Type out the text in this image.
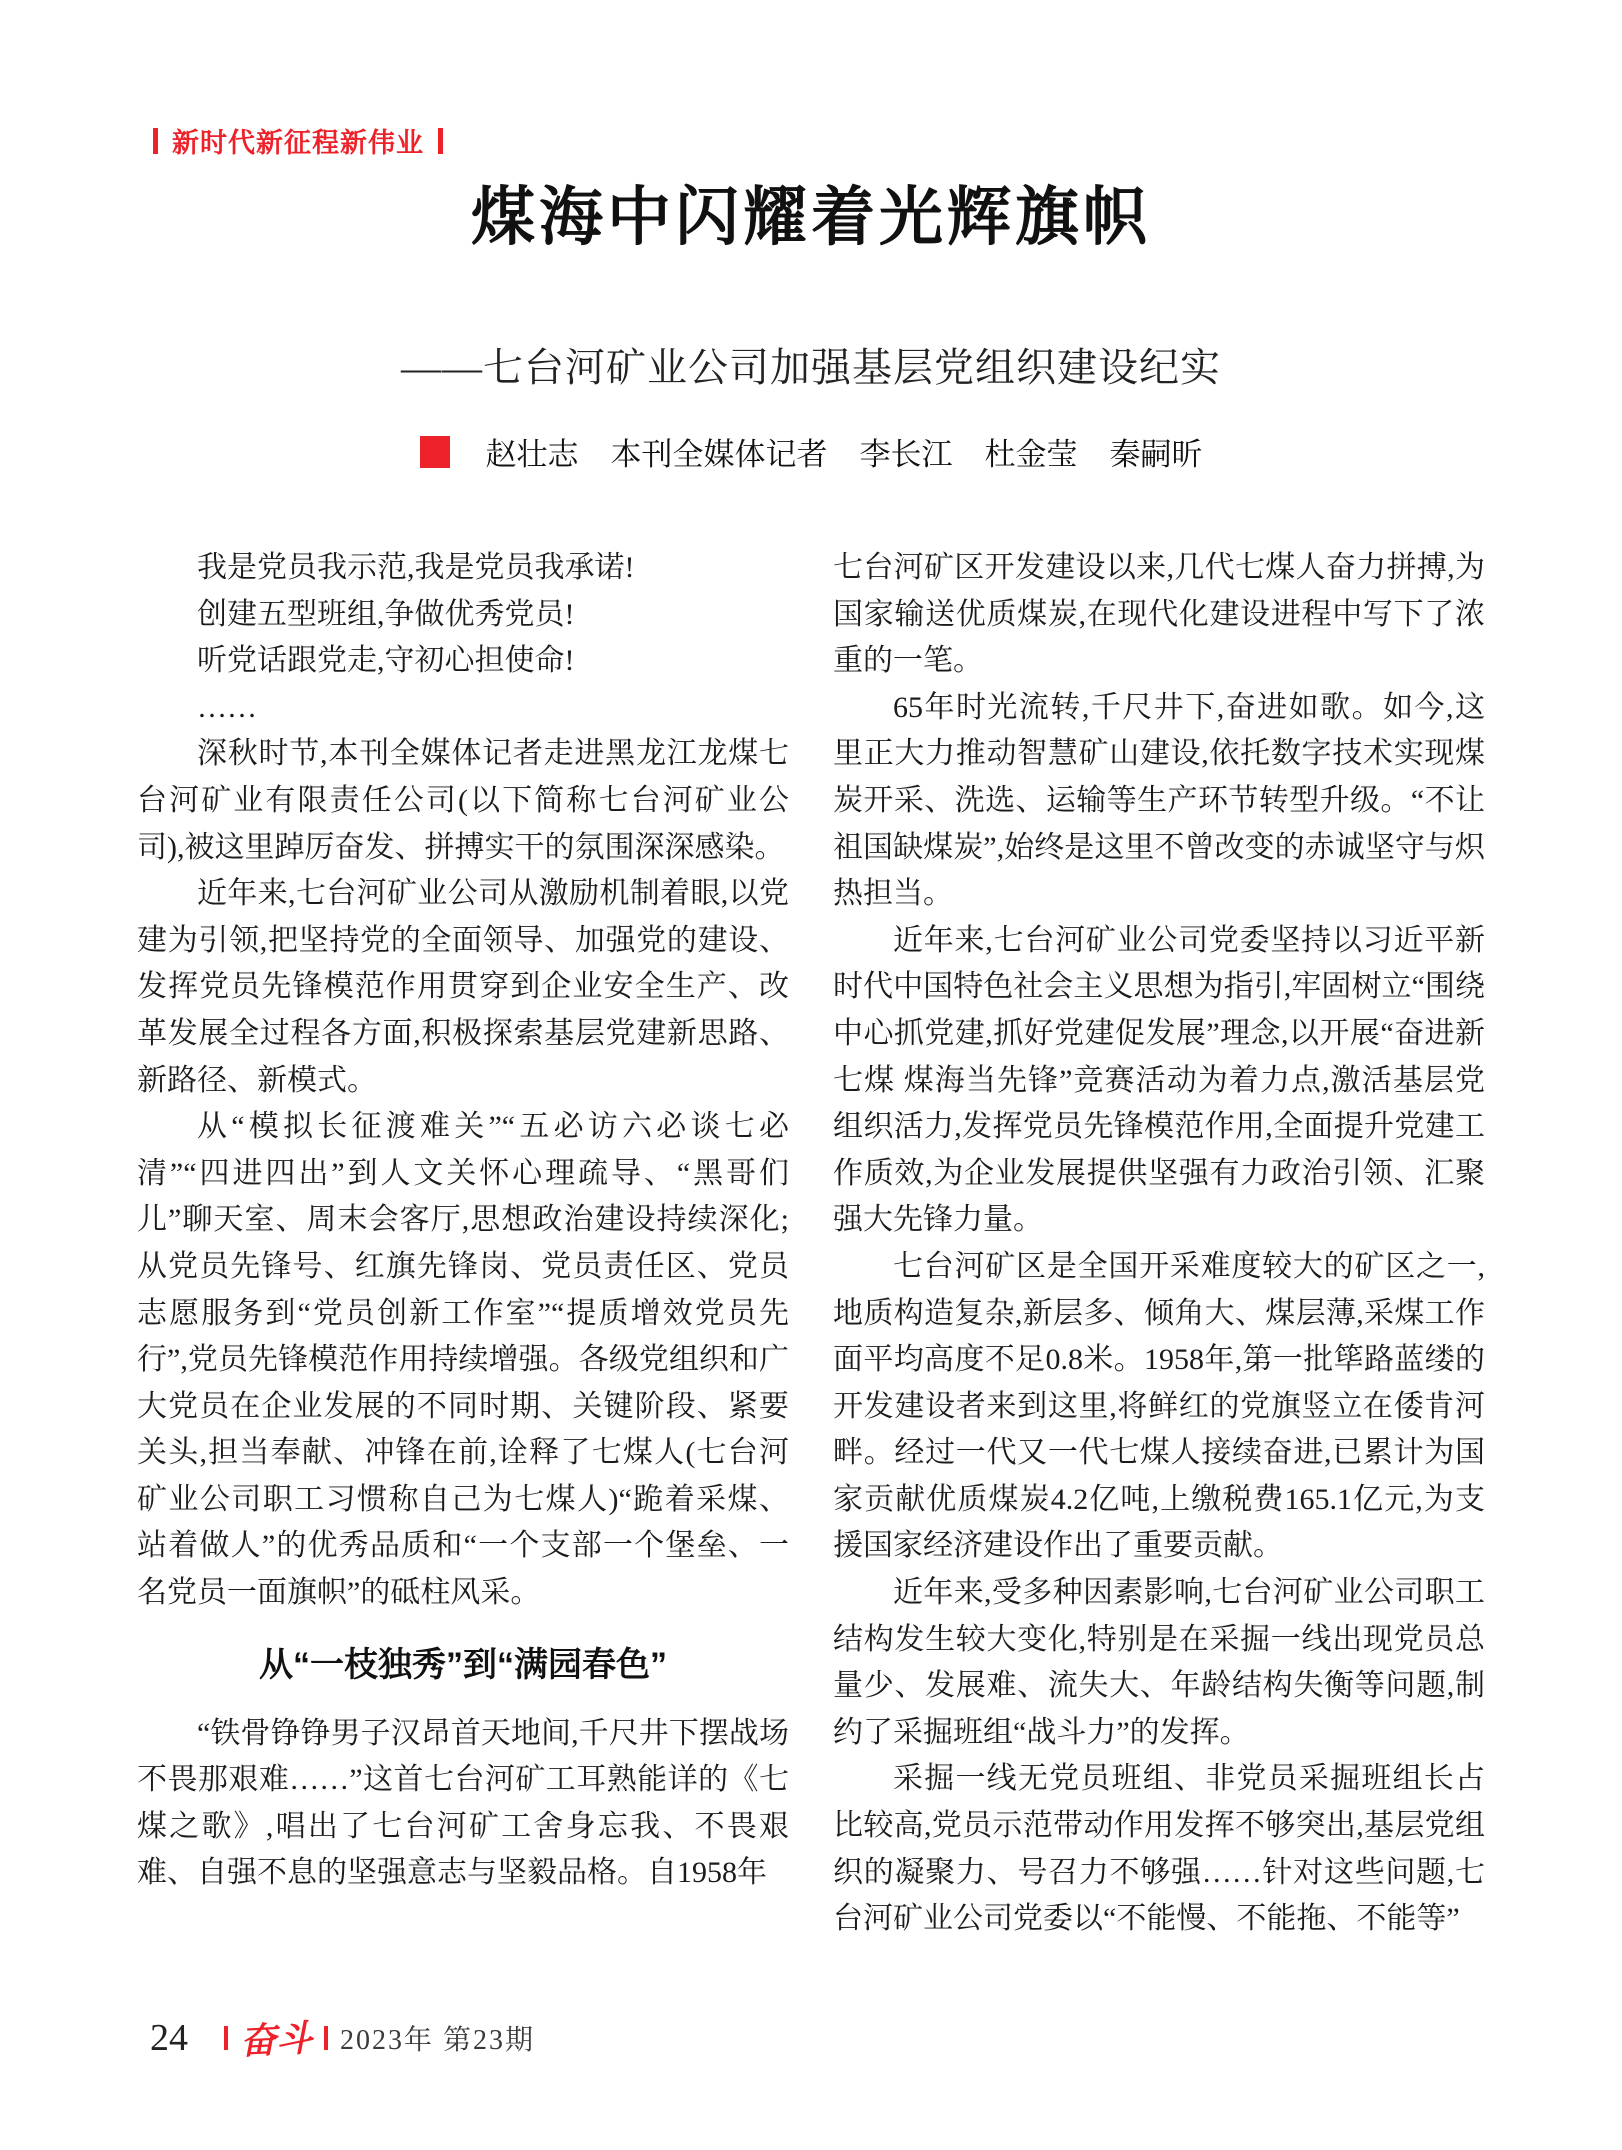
新时代新征程新伟业
煤海中闪耀着光辉旗帜
——七台河矿业公司加强基层党组织建设纪实
赵壮志 本刊全媒体记者 李长江 杜金莹 秦嗣昕
我是党员我示范,我是党员我承诺!
创建五型班组,争做优秀党员!
听党话跟党走,守初心担使命!
……
深秋时节,本刊全媒体记者走进黑龙江龙煤七台河矿业有限责任公司(以下简称七台河矿业公司),被这里踔厉奋发、拼搏实干的氛围深深感染。
近年来,七台河矿业公司从激励机制着眼,以党建为引领,把坚持党的全面领导、加强党的建设、发挥党员先锋模范作用贯穿到企业安全生产、改革发展全过程各方面,积极探索基层党建新思路、新路径、新模式。
从“模拟长征渡难关”“五必访六必谈七必清”“四进四出”到人文关怀心理疏导、“黑哥们儿”聊天室、周末会客厅,思想政治建设持续深化;从党员先锋号、红旗先锋岗、党员责任区、党员志愿服务到“党员创新工作室”“提质增效党员先行”,党员先锋模范作用持续增强。各级党组织和广大党员在企业发展的不同时期、关键阶段、紧要关头,担当奉献、冲锋在前,诠释了七煤人(七台河矿业公司职工习惯称自己为七煤人)“跪着采煤、站着做人”的优秀品质和“一个支部一个堡垒、一名党员一面旗帜”的砥柱风采。
从“一枝独秀”到“满园春色”
“铁骨铮铮男子汉昂首天地间,千尺井下摆战场不畏那艰难……”这首七台河矿工耳熟能详的《七煤之歌》,唱出了七台河矿工舍身忘我、不畏艰难、自强不息的坚强意志与坚毅品格。自1958年
七台河矿区开发建设以来,几代七煤人奋力拼搏,为国家输送优质煤炭,在现代化建设进程中写下了浓重的一笔。
65年时光流转,千尺井下,奋进如歌。如今,这里正大力推动智慧矿山建设,依托数字技术实现煤炭开采、洗选、运输等生产环节转型升级。“不让祖国缺煤炭”,始终是这里不曾改变的赤诚坚守与炽热担当。
近年来,七台河矿业公司党委坚持以习近平新时代中国特色社会主义思想为指引,牢固树立“围绕中心抓党建,抓好党建促发展”理念,以开展“奋进新七煤 煤海当先锋”竞赛活动为着力点,激活基层党组织活力,发挥党员先锋模范作用,全面提升党建工作质效,为企业发展提供坚强有力政治引领、汇聚强大先锋力量。
七台河矿区是全国开采难度较大的矿区之一,地质构造复杂,新层多、倾角大、煤层薄,采煤工作面平均高度不足0.8米。1958年,第一批筚路蓝缕的开发建设者来到这里,将鲜红的党旗竖立在倭肯河畔。经过一代又一代七煤人接续奋进,已累计为国家贡献优质煤炭4.2亿吨,上缴税费165.1亿元,为支援国家经济建设作出了重要贡献。
近年来,受多种因素影响,七台河矿业公司职工结构发生较大变化,特别是在采掘一线出现党员总量少、发展难、流失大、年龄结构失衡等问题,制约了采掘班组“战斗力”的发挥。
采掘一线无党员班组、非党员采掘班组长占比较高,党员示范带动作用发挥不够突出,基层党组织的凝聚力、号召力不够强……针对这些问题,七台河矿业公司党委以“不能慢、不能拖、不能等”
24 奋斗 2023年 第23期
